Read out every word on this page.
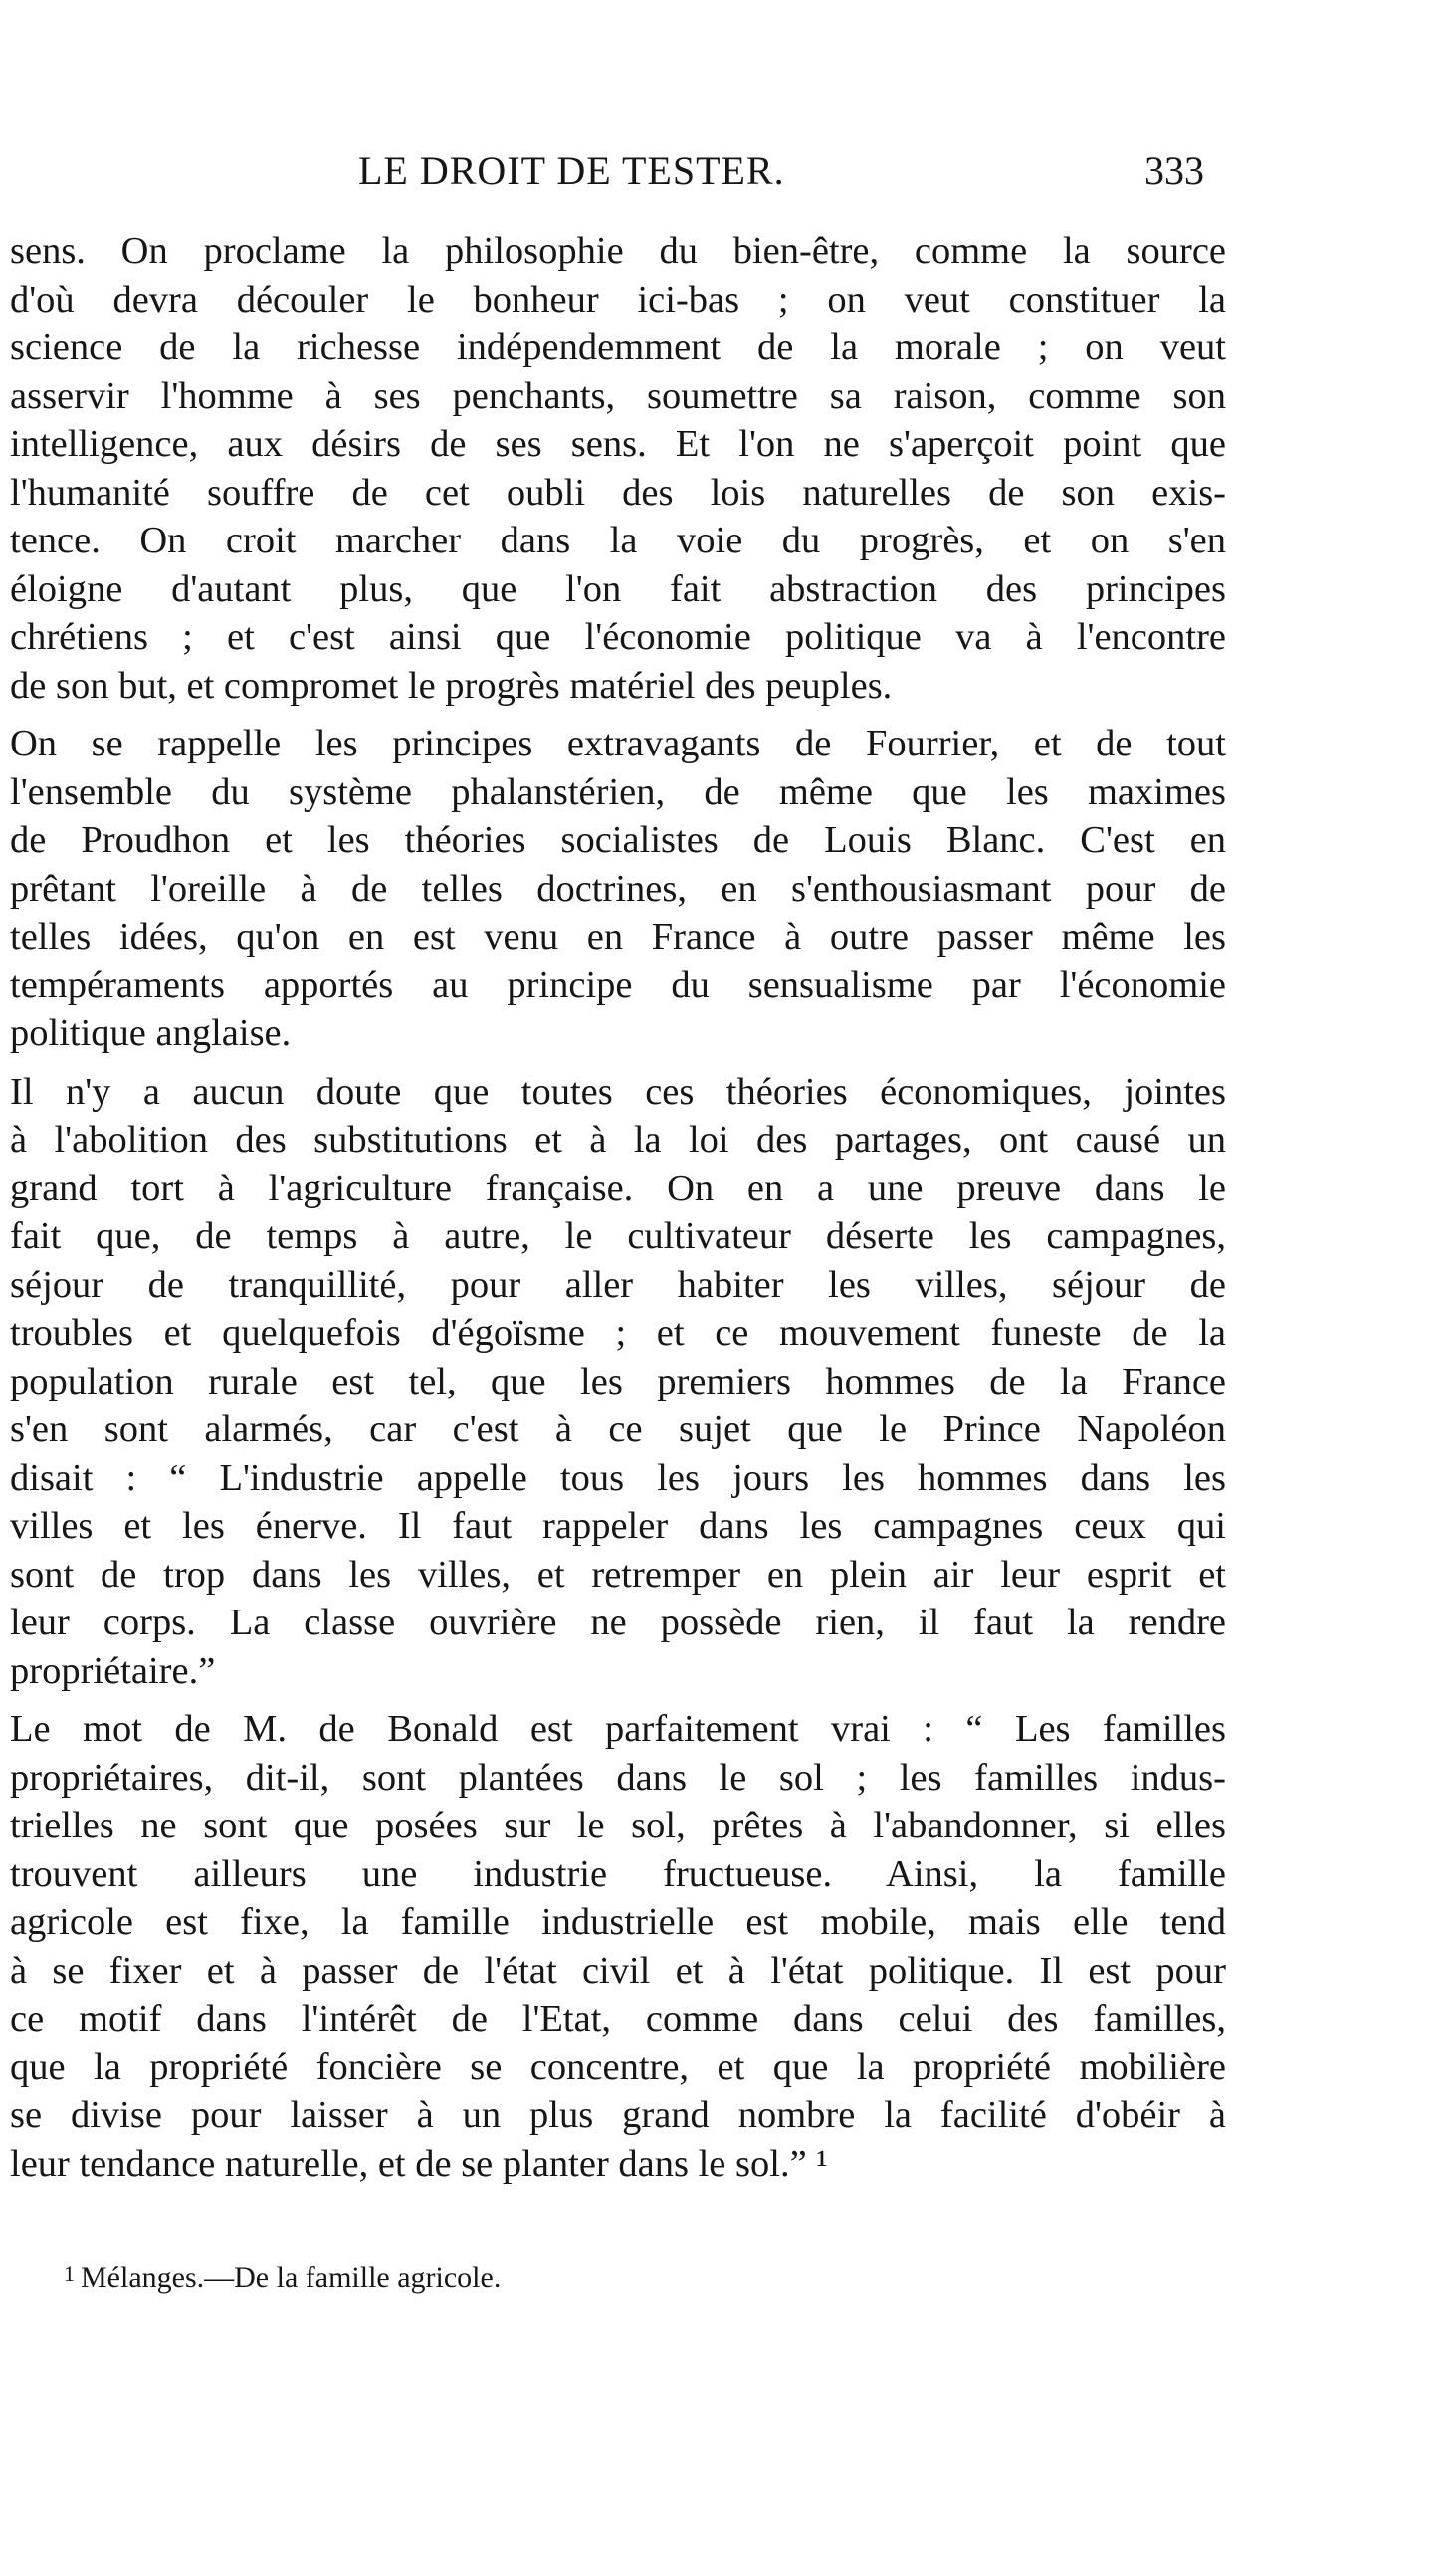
LE DROIT DE TESTER.	333
sens. On proclame la philosophie du bien-être, comme la source
d'où devra découler le bonheur ici-bas ; on veut constituer la
science de la richesse indépendemment de la morale ; on veut
asservir l'homme à ses penchants, soumettre sa raison, comme son
intelligence, aux désirs de ses sens. Et l'on ne s'aperçoit point que
l'humanité souffre de cet oubli des lois naturelles de son exis-
tence. On croit marcher dans la voie du progrès, et on s'en
éloigne d'autant plus, que l'on fait abstraction des principes
chrétiens ; et c'est ainsi que l'économie politique va à l'encontre
de son but, et compromet le progrès matériel des peuples.
On se rappelle les principes extravagants de Fourrier, et de tout
l'ensemble du système phalanstérien, de même que les maximes
de Proudhon et les théories socialistes de Louis Blanc. C'est en
prêtant l'oreille à de telles doctrines, en s'enthousiasmant pour de
telles idées, qu'on en est venu en France à outre passer même les
tempéraments apportés au principe du sensualisme par l'économie
politique anglaise.
Il n'y a aucun doute que toutes ces théories économiques, jointes
à l'abolition des substitutions et à la loi des partages, ont causé un
grand tort à l'agriculture française. On en a une preuve dans le
fait que, de temps à autre, le cultivateur déserte les campagnes,
séjour de tranquillité, pour aller habiter les villes, séjour de
troubles et quelquefois d'égoïsme ; et ce mouvement funeste de la
population rurale est tel, que les premiers hommes de la France
s'en sont alarmés, car c'est à ce sujet que le Prince Napoléon
disait : “ L'industrie appelle tous les jours les hommes dans les
villes et les énerve. Il faut rappeler dans les campagnes ceux qui
sont de trop dans les villes, et retremper en plein air leur esprit et
leur corps. La classe ouvrière ne possède rien, il faut la rendre
propriétaire.”
Le mot de M. de Bonald est parfaitement vrai : “ Les familles
propriétaires, dit-il, sont plantées dans le sol ; les familles indus-
trielles ne sont que posées sur le sol, prêtes à l'abandonner, si elles
trouvent ailleurs une industrie fructueuse. Ainsi, la famille
agricole est fixe, la famille industrielle est mobile, mais elle tend
à se fixer et à passer de l'état civil et à l'état politique. Il est pour
ce motif dans l'intérêt de l'Etat, comme dans celui des familles,
que la propriété foncière se concentre, et que la propriété mobilière
se divise pour laisser à un plus grand nombre la facilité d'obéir à
leur tendance naturelle, et de se planter dans le sol.” ¹
$^1$ Mélanges.—De la famille agricole.
